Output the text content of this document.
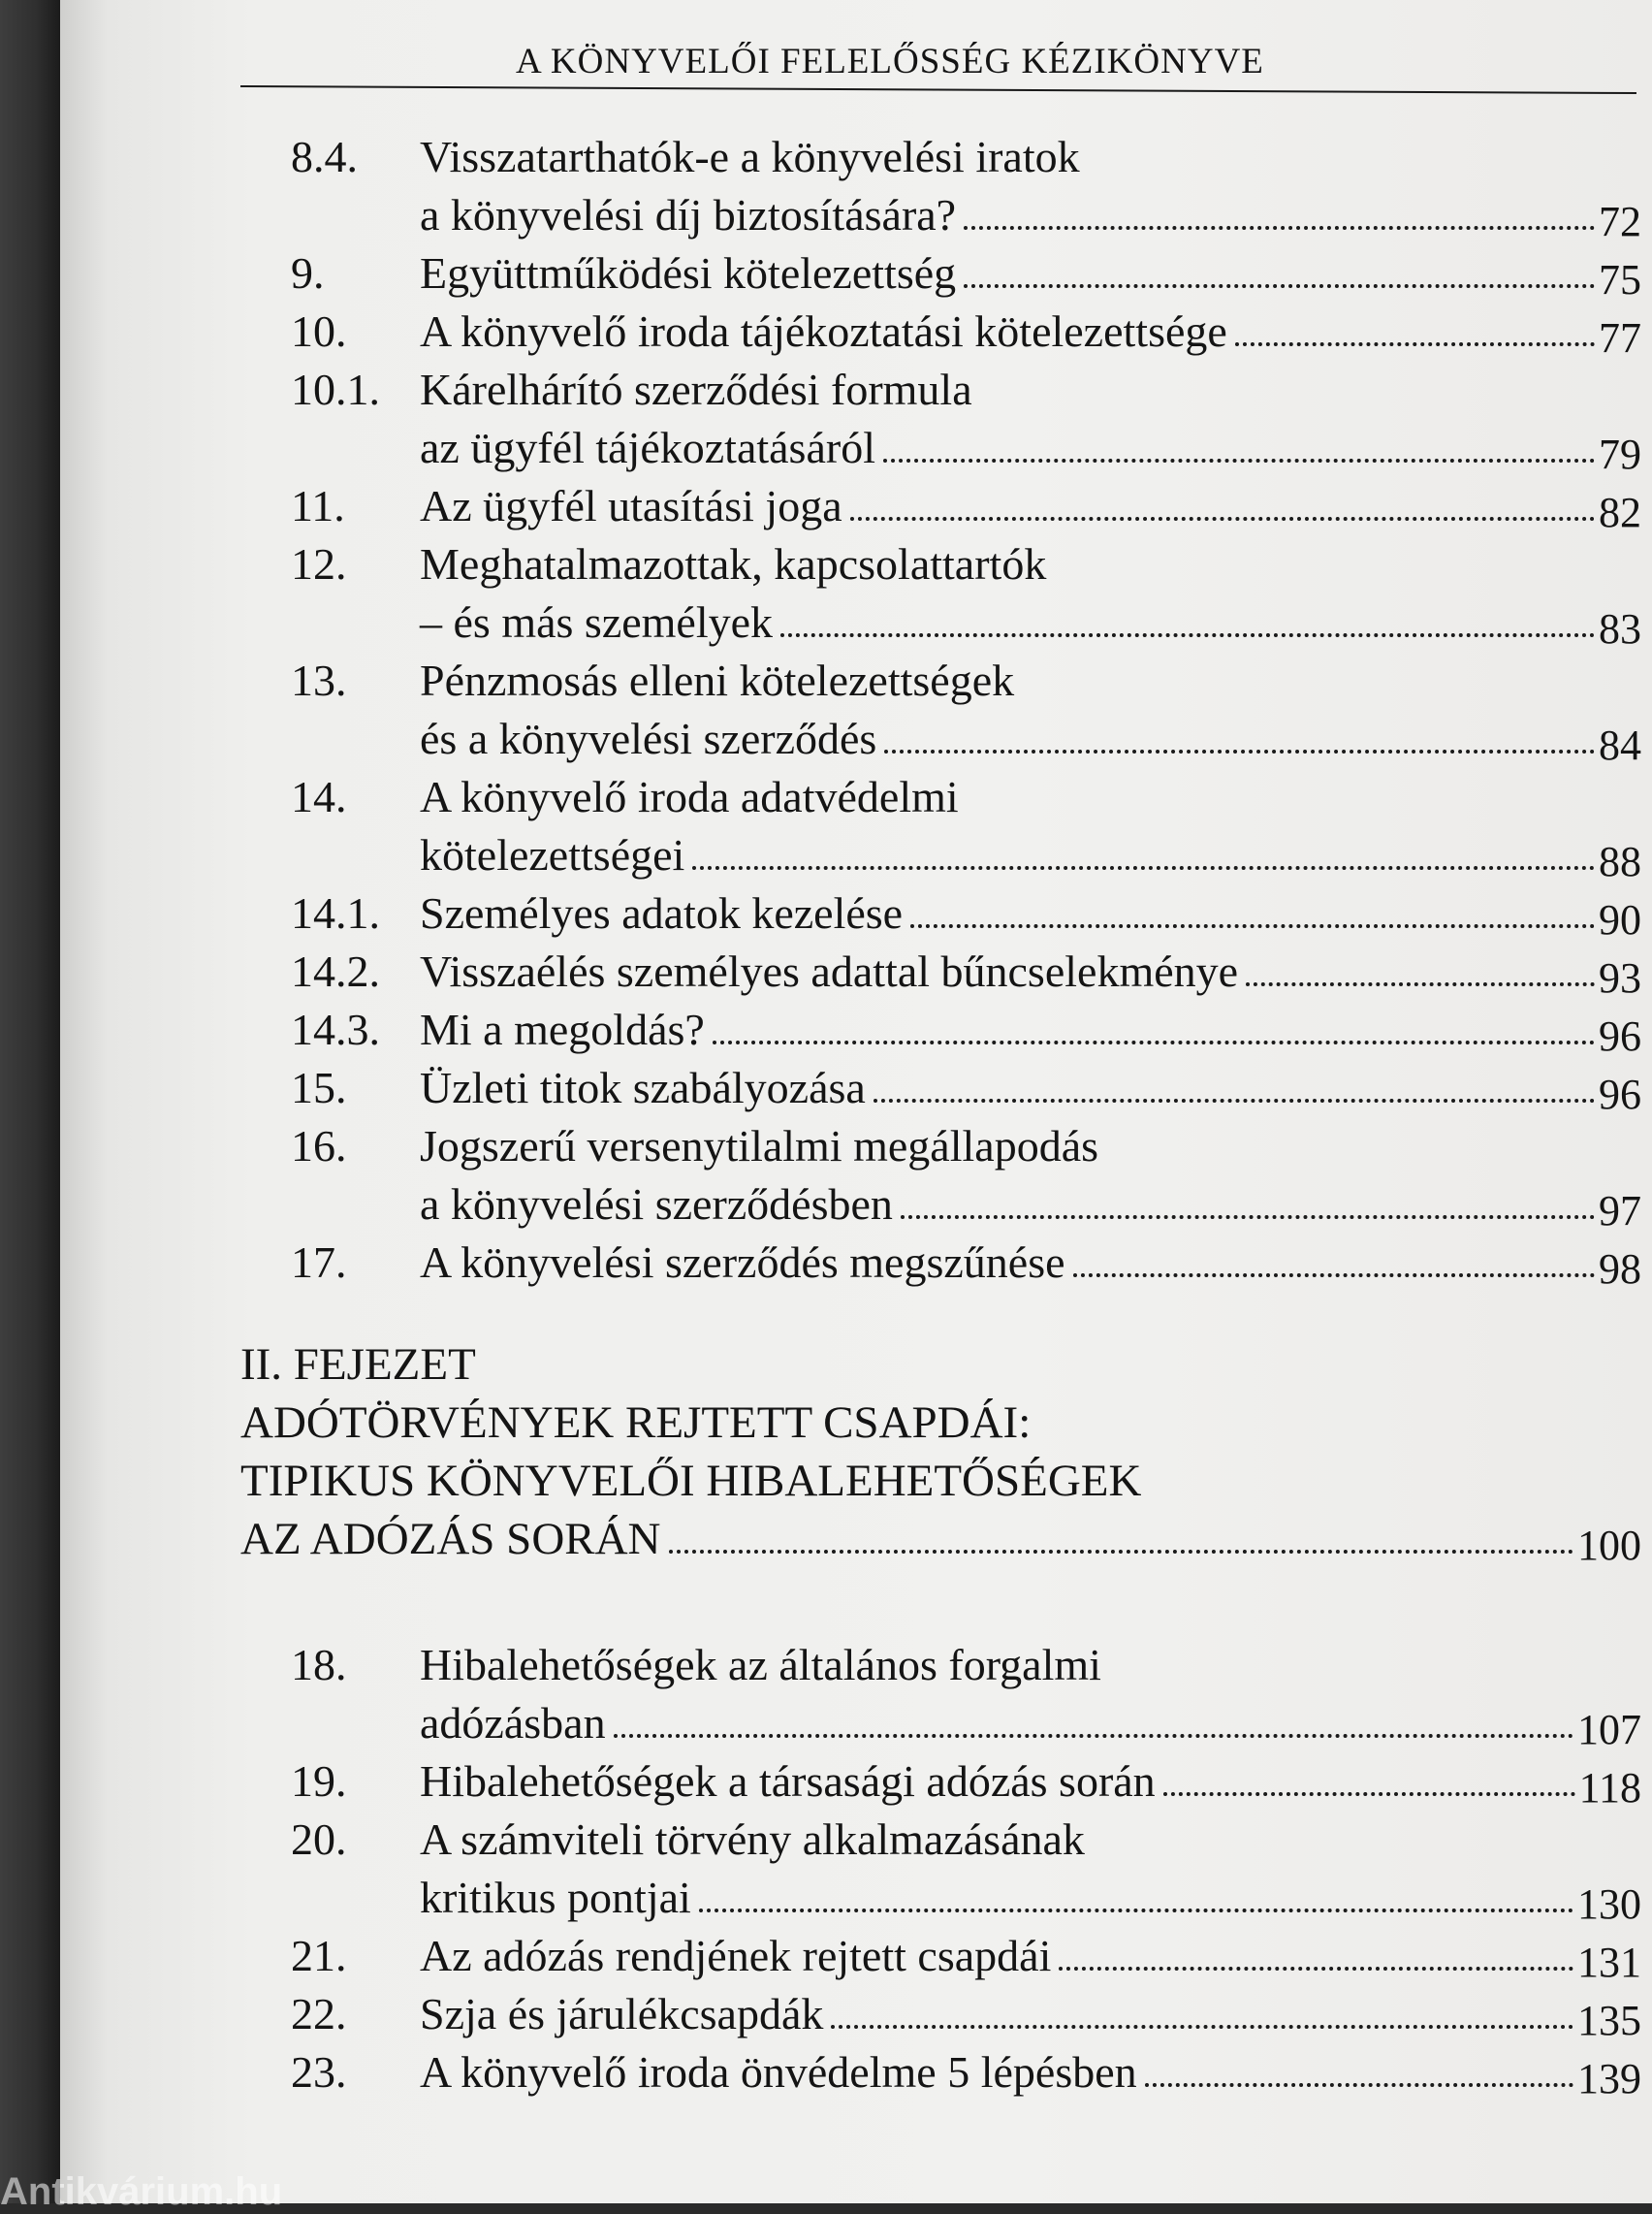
A KÖNYVELŐI FELELŐSSÉG KÉZIKÖNYVE
8.4. Visszatarthatók-e a könyvelési iratok
a könyvelési díj biztosítására?	72
9. Együttműködési kötelezettség	75
10. A könyvelő iroda tájékoztatási kötelezettsége	77
10.1. Kárelhárító szerződési formula
az ügyfél tájékoztatásáról	79
11. Az ügyfél utasítási joga	82
12. Meghatalmazottak, kapcsolattartók
– és más személyek	83
13. Pénzmosás elleni kötelezettségek
és a könyvelési szerződés	84
14. A könyvelő iroda adatvédelmi
kötelezettségei	88
14.1. Személyes adatok kezelése	90
14.2. Visszaélés személyes adattal bűncselekménye	93
14.3. Mi a megoldás?	96
15. Üzleti titok szabályozása	96
16. Jogszerű versenytilalmi megállapodás
a könyvelési szerződésben	97
17. A könyvelési szerződés megszűnése	98
II. FEJEZET
ADÓTÖRVÉNYEK REJTETT CSAPDÁI:
TIPIKUS KÖNYVELŐI HIBALEHETŐSÉGEK
AZ ADÓZÁS SORÁN	100
18. Hibalehetőségek az általános forgalmi
adózásban	107
19. Hibalehetőségek a társasági adózás során	118
20. A számviteli törvény alkalmazásának
kritikus pontjai	130
21. Az adózás rendjének rejtett csapdái	131
22. Szja és járulékcsapdák	135
23. A könyvelő iroda önvédelme 5 lépésben	139
Antikvárium.hu
